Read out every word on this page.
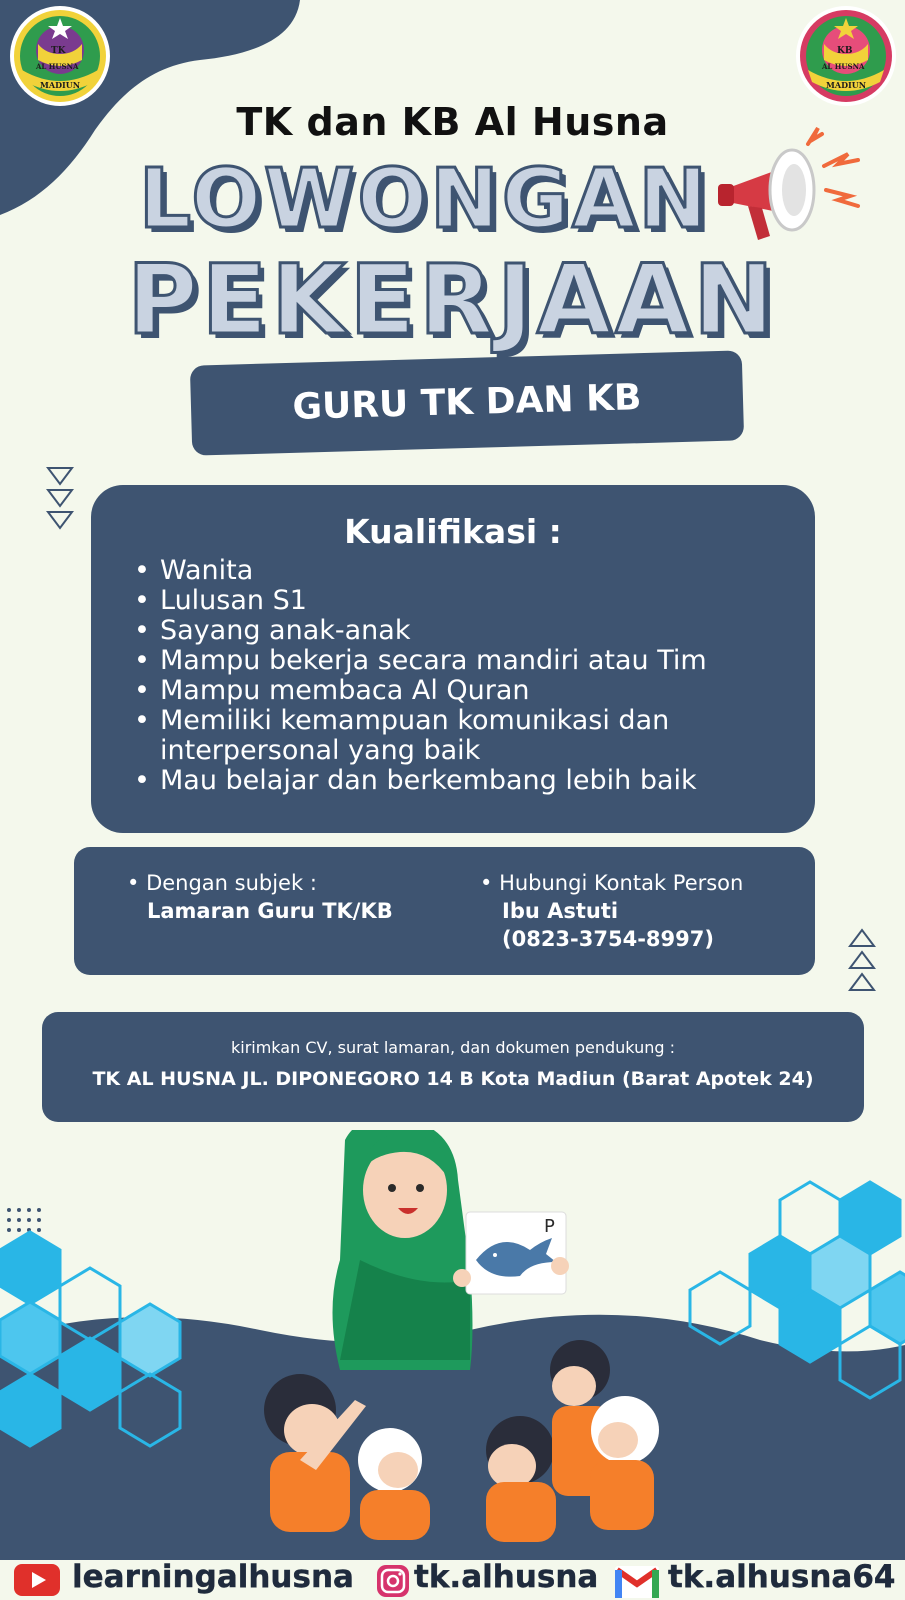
TK
AL HUSNA
MADIUN
KB
AL HUSNA
MADIUN
TK dan KB Al Husna
LOWONGAN
PEKERJAAN
GURU TK DAN KB
Kualifikasi :
• Wanita
• Lulusan S1
• Sayang anak-anak
• Mampu bekerja secara mandiri atau Tim
• Mampu membaca Al Quran
• Memiliki kemampuan komunikasi dan interpersonal yang baik
• Mau belajar dan berkembang lebih baik
• Dengan subjek :
Lamaran Guru TK/KB
• Hubungi Kontak Person
Ibu Astuti
(0823-3754-8997)
kirimkan CV, surat lamaran, dan dokumen pendukung :
TK AL HUSNA JL. DIPONEGORO 14 B Kota Madiun (Barat Apotek 24)
P
learningalhusna tk.alhusna tk.alhusna64
